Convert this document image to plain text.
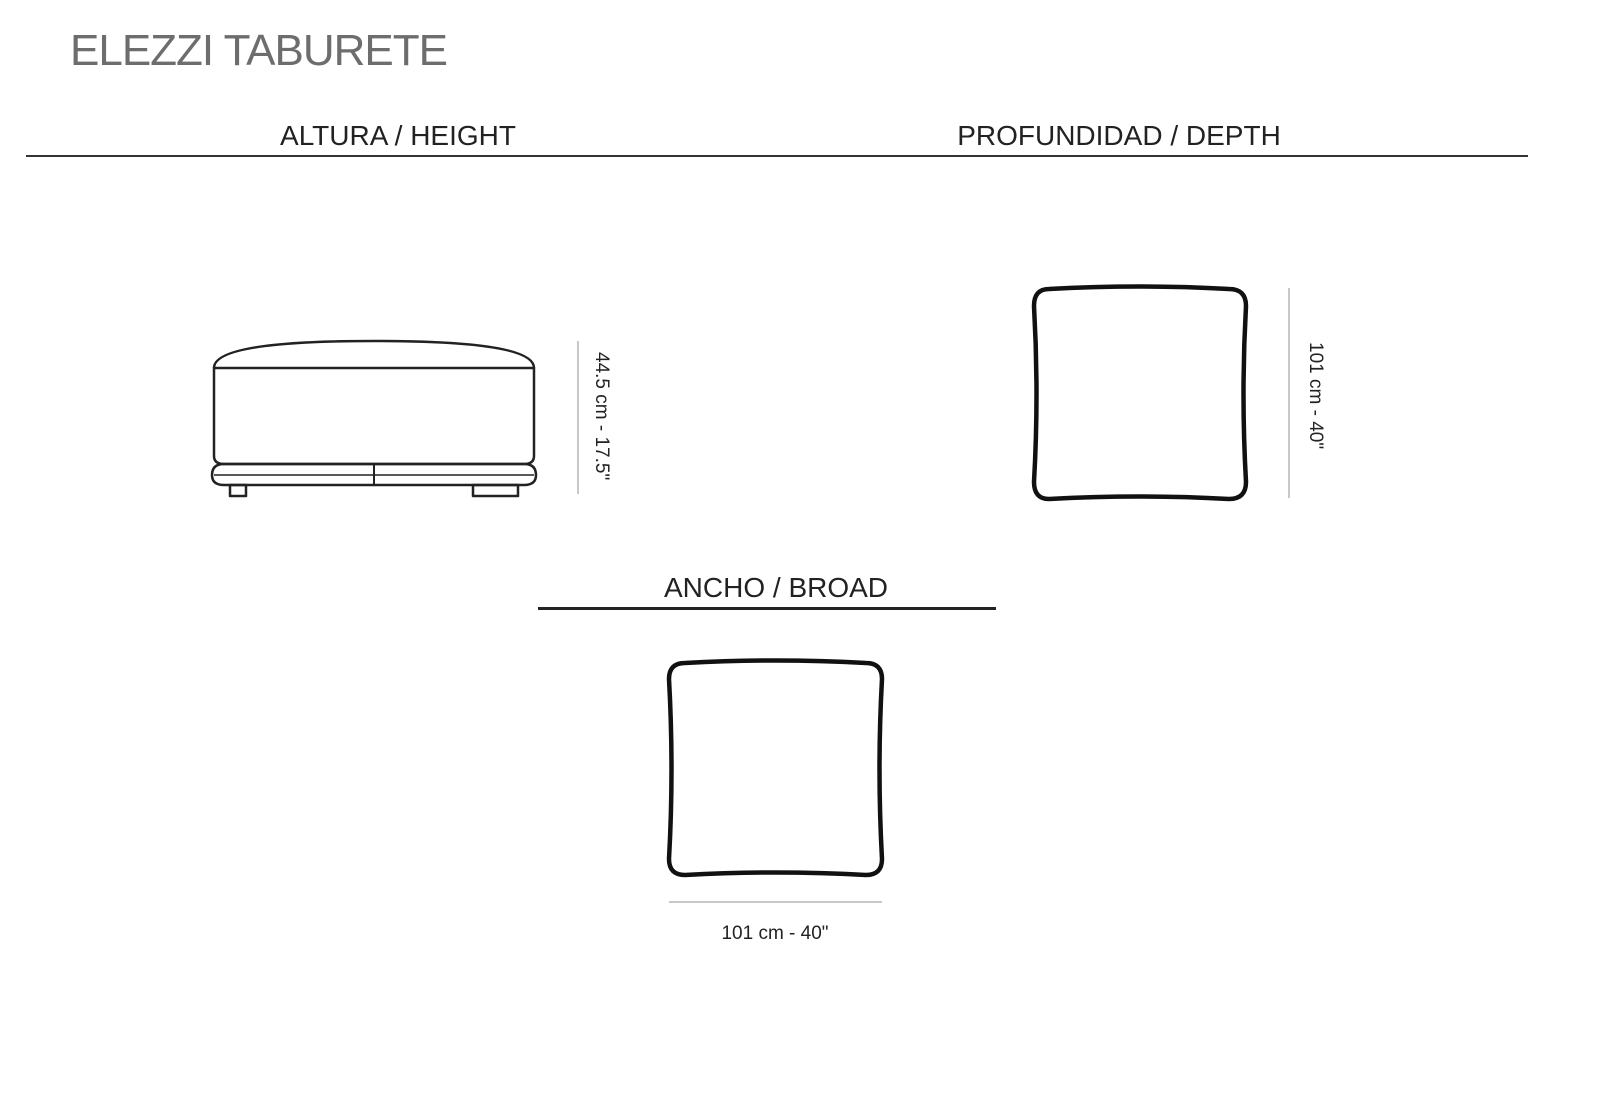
ELEZZI TABURETE
ALTURA / HEIGHT	PROFUNDIDAD / DEPTH
ANCHO / BROAD
44.5 cm - 17.5"	101 cm - 40"
101 cm - 40"
